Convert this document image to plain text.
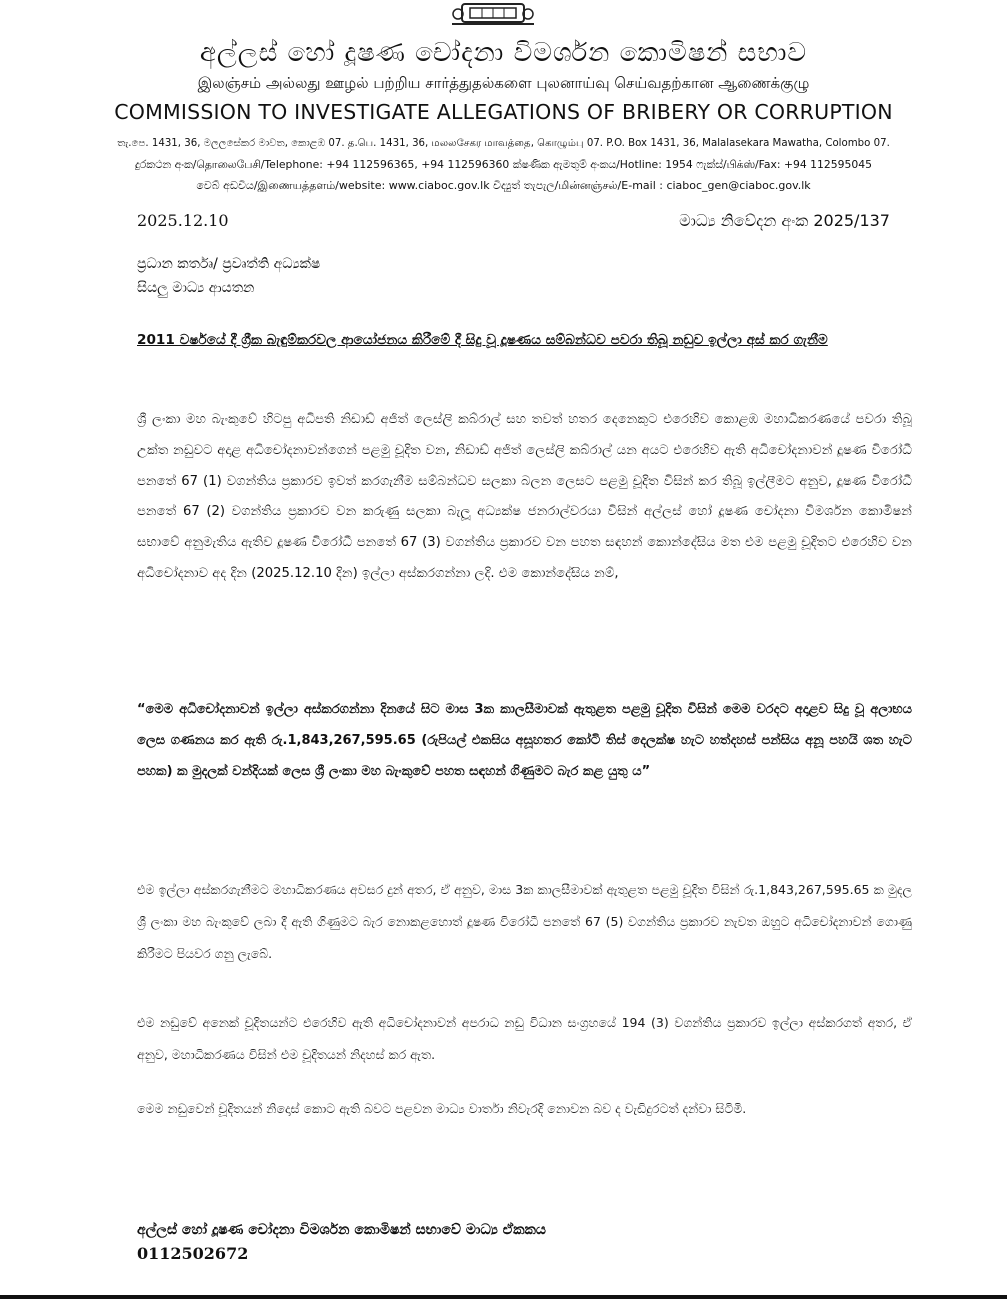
අල්ලස් හෝ දූෂණ චෝදනා විමර්ශන කොමිෂන් සභාව
இலஞ்சம் அல்லது ஊழல் பற்றிய சார்த்துதல்களை புலனாய்வு செய்வதற்கான ஆணைக்குழு
COMMISSION TO INVESTIGATE ALLEGATIONS OF BRIBERY OR CORRUPTION
තැ.පෙ. 1431, 36, මලලසේකර මාවත, කොළඹ 07. த.பெ. 1431, 36, மலலசேகர மாவத்தை, கொழும்பு 07. P.O. Box 1431, 36, Malalasekara Mawatha, Colombo 07.
දුරකථන අංක/தொலைபேசி/Telephone: +94 112596365, +94 112596360 ක්ෂණික ඇමතුම් අංකය/Hotline: 1954 ෆැක්ස්/பிக்ஸ்/Fax: +94 112595045
වෙබ් අඩවිය/இணையத்தளம்/website: www.ciaboc.gov.lk විද්‍යුත් තැපැල/மின்னஞ்சல்/E-mail : ciaboc_gen@ciaboc.gov.lk
2025.12.10	මාධ්‍ය නිවේදන අංක 2025/137
ප්‍රධාන කර්තෘ/ ප්‍රවෘත්ති අධ්‍යක්ෂ
සියලු මාධ්‍ය ආයතන
2011 වර්ෂයේ දී ග්‍රීක බැඳුම්කරවල ආයෝජනය කිරීමේ දී සිදු වූ දූෂණය සම්බන්ධව පවරා තිබූ නඩුව ඉල්ලා අස් කර ගැනීම

ශ්‍රී ලංකා මහ බැංකුවේ හිටපු අධිපති නිඩාඩ් අජිත් ලෙස්ලි කබ්රාල් සහ තවත් හතර දෙනෙකුට එරෙහිව කොළඹ මහාධිකරණයේ පවරා තිබූ උක්ත නඩුවට අදාළ අධිචෝදනාවන්ගෙන් පළමු චූදිත වන, නිඩාඩ් අජිත් ලෙස්ලි කබ්රාල් යන අයට එරෙහිව ඇති අධිචෝදනාවන් දූෂණ විරෝධී පනතේ 67 (1) වගන්තිය ප්‍රකාරව ඉවත් කරගැනීම සම්බන්ධව සලකා බලන ලෙසට පළමු චූදිත විසින් කර තිබූ ඉල්ලීමට අනුව, දූෂණ විරෝධී පනතේ 67 (2) වගන්තිය ප්‍රකාරව වන කරුණු සලකා බැලූ අධ්‍යක්ෂ ජනරාල්වරයා විසින් අල්ලස් හෝ දූෂණ චෝදනා විමර්ශන කොමිෂන් සභාවේ අනුමැතිය ඇතිව දූෂණ විරෝධී පනතේ 67 (3) වගන්තිය ප්‍රකාරව වන පහත සඳහන් කොන්දේසිය මත එම පළමු චූදිතට එරෙහිව වන අධිචෝදනාව අද දින (2025.12.10 දින) ඉල්ලා අස්කරගන්නා ලදි. එම කොන්දේසිය නම්,

“මෙම අධිචෝදනාවන් ඉල්ලා අස්කරගන්නා දිනයේ සිට මාස 3ක කාලසීමාවක් ඇතුළත පළමු චූදිත විසින් මෙම වරදට අදාළව සිදු වූ අලාභය ලෙස ගණනය කර ඇති රු.1,843,267,595.65 (රුපියල් එකසිය අසූහතර කෝටි තිස් දෙලක්ෂ හැට හත්දහස් පන්සිය අනූ පහයි ශත හැට පහක) ක මුදලක් වන්දියක් ලෙස ශ්‍රී ලංකා මහ බැංකුවේ පහත සඳහන් ගිණුමට බැර කළ යුතු ය”

එම ඉල්ලා අස්කරගැනීමට මහාධිකරණය අවසර දුන් අතර, ඒ අනුව, මාස 3ක කාලසීමාවක් ඇතුළත පළමු චූදිත විසින් රු.1,843,267,595.65 ක මුදල ශ්‍රී ලංකා මහ බැංකුවේ ලබා දී ඇති ගිණුමට බැර නොකළහොත් දූෂණ විරෝධී පනතේ 67 (5) වගන්තිය ප්‍රකාරව නැවත ඔහුට අධිචෝදනාවන් ගොණු කිරීමට පියවර ගනු ලැබේ.

එම නඩුවේ අනෙක් චූදිතයන්ට එරෙහිව ඇති අධිචෝදනාවන් අපරාධ නඩු විධාන සංග්‍රහයේ 194 (3) වගන්තිය ප්‍රකාරව ඉල්ලා අස්කරගත් අතර, ඒ අනුව, මහාධිකරණය විසින් එම චූදිතයන් නිදහස් කර ඇත.

මෙම නඩුවෙන් චූදිතයන් නිදොස් කොට ඇති බවට පළවන මාධ්‍ය වාර්තා නිවැරදි නොවන බව ද වැඩිදුරටත් දන්වා සිටිමි.

අල්ලස් හෝ දූෂණ චෝදනා විමර්ශන කොමිෂන් සභාවේ මාධ්‍ය ඒකකය
0112502672
